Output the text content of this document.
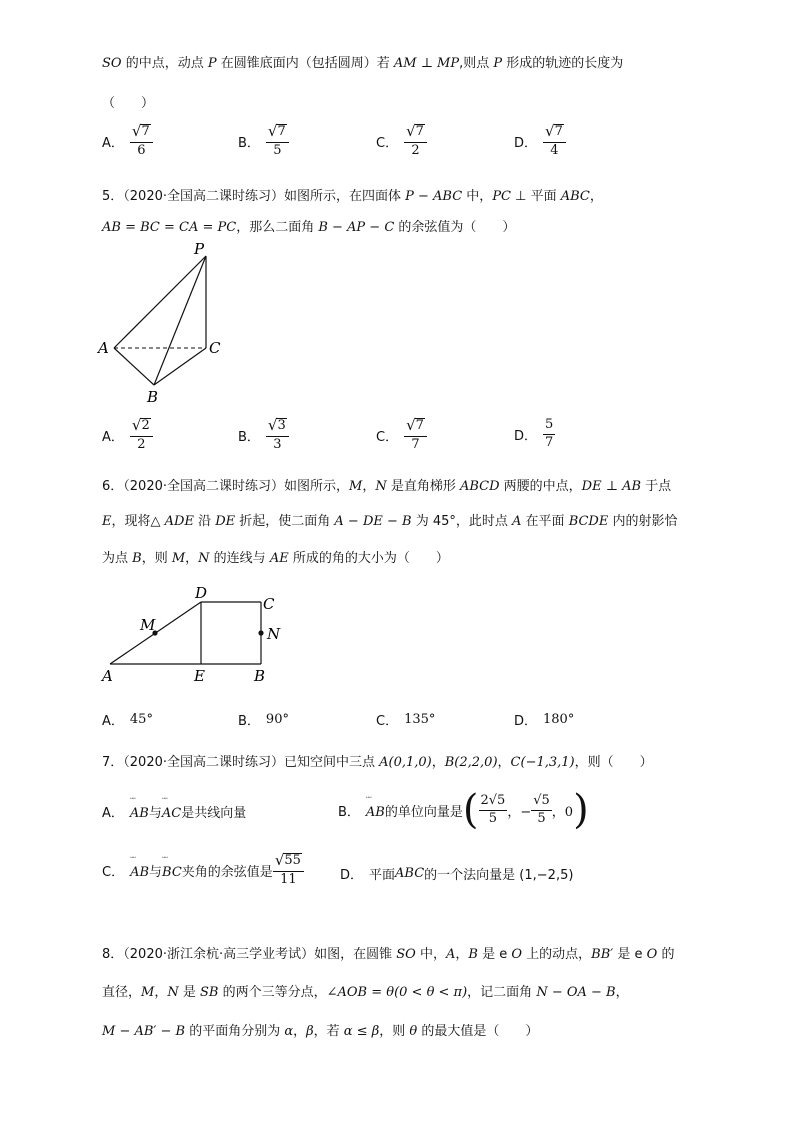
SO 的中点，动点 P 在圆锥底面内（包括圆周）若 AM ⊥ MP,则点 P 形成的轨迹的长度为
（　　）
A． $\frac{√ 7}{6}$	B． $\frac{√ 7}{5}$	C． $\frac{√ 7}{2}$	D． $\frac{√ 7}{4}$
5．（2020·全国高二课时练习）如图所示，在四面体 P − ABC 中，PC ⊥ 平面 ABC，
AB = BC = CA = PC，那么二面角 B − AP − C 的余弦值为（　　）
P
A
B
C
A． $\frac{√ 2}{2}$	B． $\frac{√ 3}{3}$	C． $\frac{√ 7}{7}$	D． $\frac{5}{7}$
6．（2020·全国高二课时练习）如图所示，M，N 是直角梯形 ABCD 两腰的中点，DE ⊥ AB 于点
E，现将△ ADE 沿 DE 折起，使二面角 A − DE − B 为 45°，此时点 A 在平面 BCDE 内的射影恰
为点 B，则 M，N 的连线与 AE 所成的角的大小为（　　）
D
C
M	N
A	E	B
A． 45°	B． 90°	C． 135°	D． 180°
7．（2020·全国高二课时练习）已知空间中三点 A(0,1,0)，B(2,2,0)，C(−1,3,1)，则（　　）
A． ᵕᵕ AB 与 ᵕᵕ AC 是共线向量	B． ᵕᵕ AB 的单位向量是 ( $\frac{2√5}{5}$ ，− $\frac{√5}{5}$ ，0 )
C． ᵕᵕ AB 与 ᵕᵕ BC 夹角的余弦值是 $\frac{√ 55}{11}$	D． 平面 ABC 的一个法向量是 (1,−2,5)
8．（2020·浙江余杭·高三学业考试）如图，在圆锥 SO 中，A，B 是 e O 上的动点，BB′ 是 e O 的
直径，M，N 是 SB 的两个三等分点，∠AOB = θ(0 < θ < π)，记二面角 N − OA − B，
M − AB′ − B 的平面角分别为 α，β，若 α ≤ β，则 θ 的最大值是（　　）
